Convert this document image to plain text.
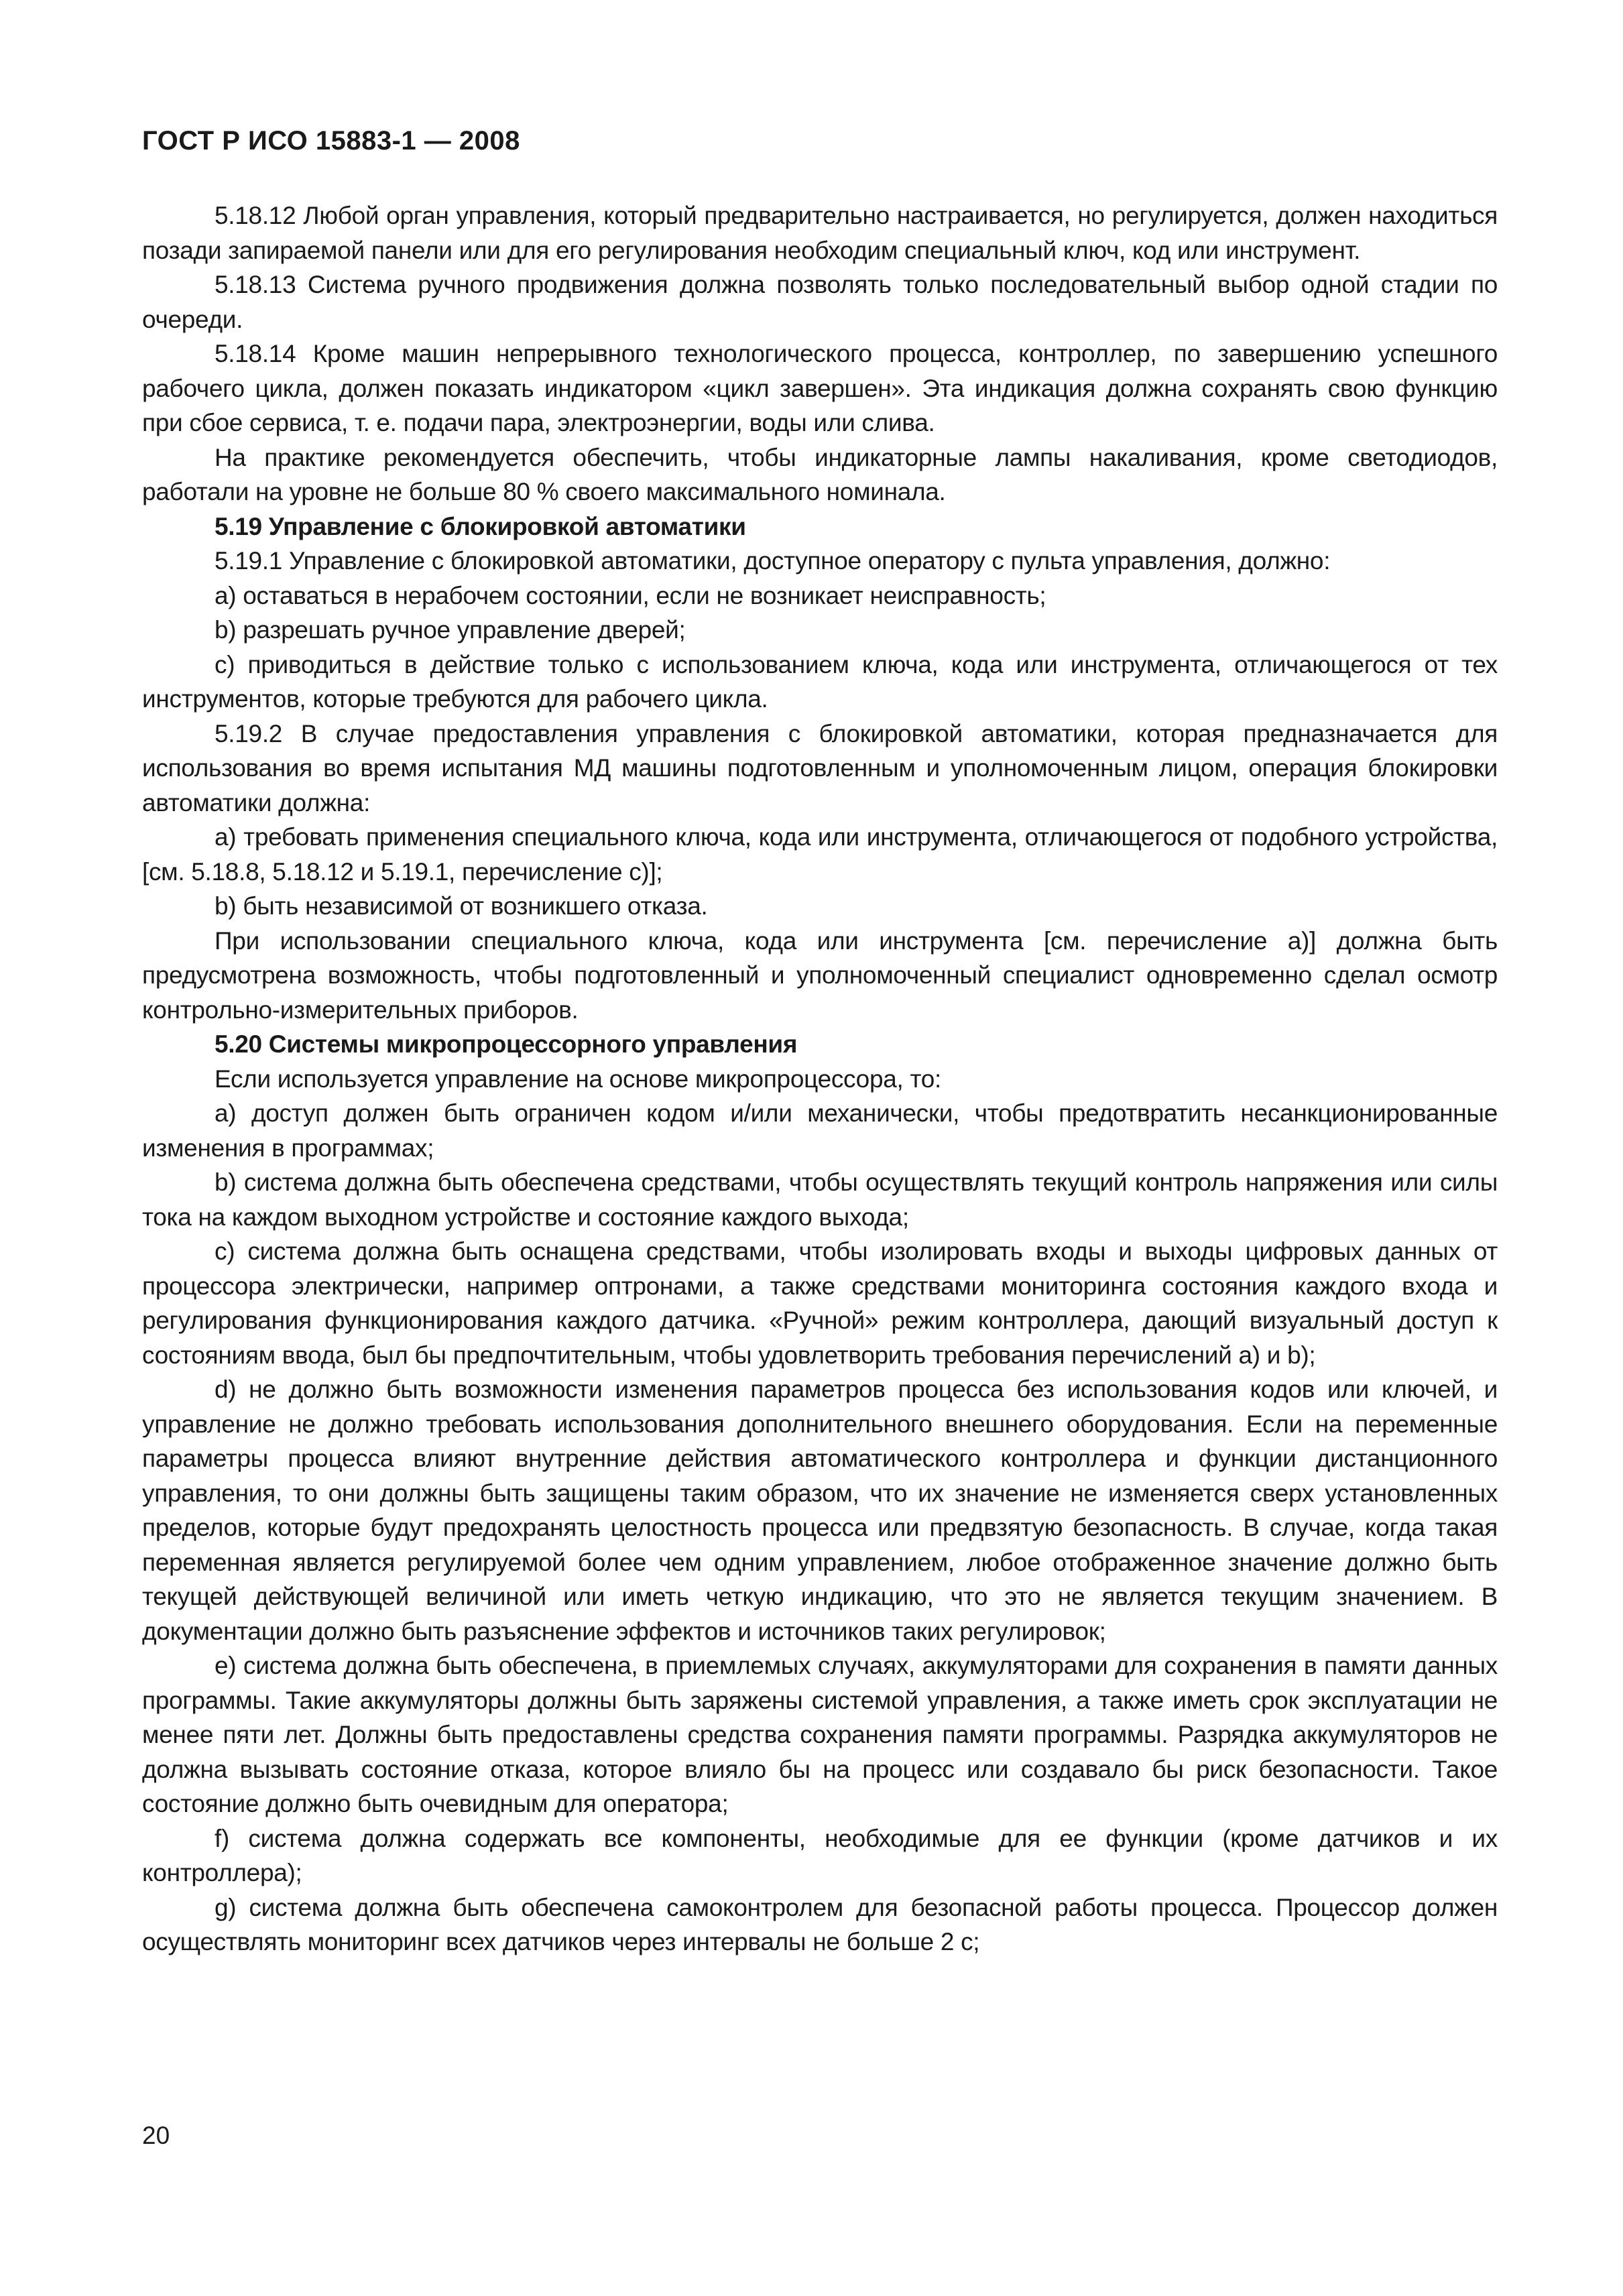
ГОСТ Р ИСО 15883-1 — 2008

5.18.12 Любой орган управления, который предварительно настраивается, но регулируется, должен находиться позади запираемой панели или для его регулирования необходим специальный ключ, код или инструмент.

5.18.13 Система ручного продвижения должна позволять только последовательный выбор одной стадии по очереди.

5.18.14 Кроме машин непрерывного технологического процесса, контроллер, по завершению успешного рабочего цикла, должен показать индикатором «цикл завершен». Эта индикация должна сохранять свою функцию при сбое сервиса, т. е. подачи пара, электроэнергии, воды или слива.

На практике рекомендуется обеспечить, чтобы индикаторные лампы накаливания, кроме светодиодов, работали на уровне не больше 80 % своего максимального номинала.

5.19 Управление с блокировкой автоматики

5.19.1 Управление с блокировкой автоматики, доступное оператору с пульта управления, должно:

a) оставаться в нерабочем состоянии, если не возникает неисправность;

b) разрешать ручное управление дверей;

c) приводиться в действие только с использованием ключа, кода или инструмента, отличающегося от тех инструментов, которые требуются для рабочего цикла.

5.19.2 В случае предоставления управления с блокировкой автоматики, которая предназначается для использования во время испытания МД машины подготовленным и уполномоченным лицом, операция блокировки автоматики должна:

a) требовать применения специального ключа, кода или инструмента, отличающегося от подобного устройства, [см. 5.18.8, 5.18.12 и 5.19.1, перечисление с)];

b) быть независимой от возникшего отказа.

При использовании специального ключа, кода или инструмента [см. перечисление а)] должна быть предусмотрена возможность, чтобы подготовленный и уполномоченный специалист одновременно сделал осмотр контрольно-измерительных приборов.

5.20 Системы микропроцессорного управления

Если используется управление на основе микропроцессора, то:

a) доступ должен быть ограничен кодом и/или механически, чтобы предотвратить несанкционированные изменения в программах;

b) система должна быть обеспечена средствами, чтобы осуществлять текущий контроль напряжения или силы тока на каждом выходном устройстве и состояние каждого выхода;

c) система должна быть оснащена средствами, чтобы изолировать входы и выходы цифровых данных от процессора электрически, например оптронами, а также средствами мониторинга состояния каждого входа и регулирования функционирования каждого датчика. «Ручной» режим контроллера, дающий визуальный доступ к состояниям ввода, был бы предпочтительным, чтобы удовлетворить требования перечислений а) и b);

d) не должно быть возможности изменения параметров процесса без использования кодов или ключей, и управление не должно требовать использования дополнительного внешнего оборудования. Если на переменные параметры процесса влияют внутренние действия автоматического контроллера и функции дистанционного управления, то они должны быть защищены таким образом, что их значение не изменяется сверх установленных пределов, которые будут предохранять целостность процесса или предвзятую безопасность. В случае, когда такая переменная является регулируемой более чем одним управлением, любое отображенное значение должно быть текущей действующей величиной или иметь четкую индикацию, что это не является текущим значением. В документации должно быть разъяснение эффектов и источников таких регулировок;

e) система должна быть обеспечена, в приемлемых случаях, аккумуляторами для сохранения в памяти данных программы. Такие аккумуляторы должны быть заряжены системой управления, а также иметь срок эксплуатации не менее пяти лет. Должны быть предоставлены средства сохранения памяти программы. Разрядка аккумуляторов не должна вызывать состояние отказа, которое влияло бы на процесс или создавало бы риск безопасности. Такое состояние должно быть очевидным для оператора;

f) система должна содержать все компоненты, необходимые для ее функции (кроме датчиков и их контроллера);

g) система должна быть обеспечена самоконтролем для безопасной работы процесса. Процессор должен осуществлять мониторинг всех датчиков через интервалы не больше 2 с;

20
